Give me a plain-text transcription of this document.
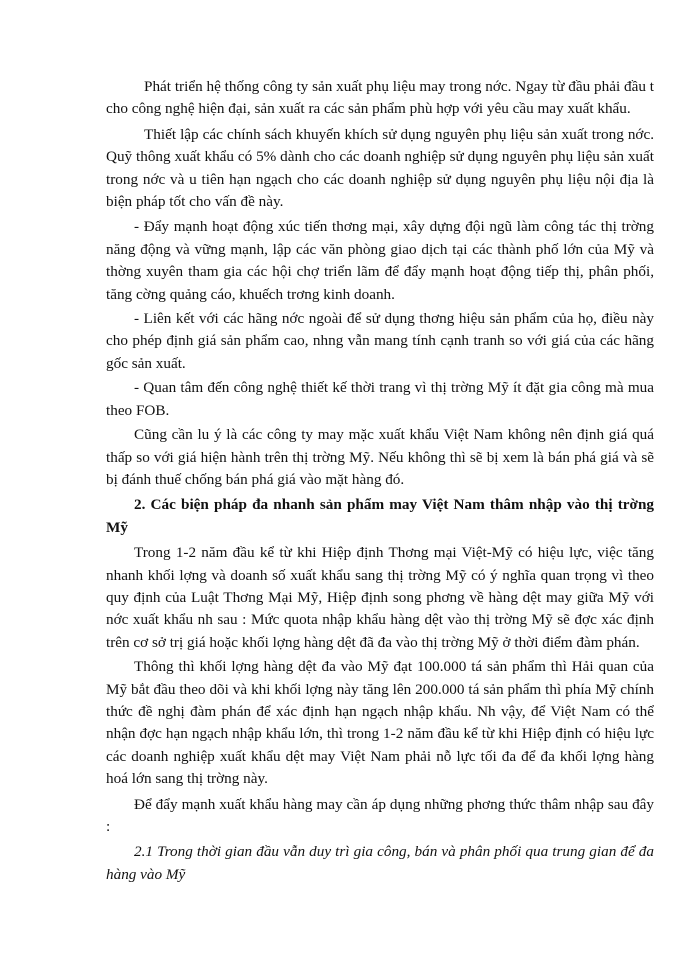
Phát triển hệ thống công ty sản xuất phụ liệu may trong nớc. Ngay từ đầu phải đầu t cho công nghệ hiện đại, sản xuất ra các sản phẩm phù hợp với yêu cầu may xuất khẩu.

Thiết lập các chính sách khuyến khích sử dụng nguyên phụ liệu sản xuất trong nớc. Quỹ thông xuất khẩu có 5% dành cho các doanh nghiệp sử dụng nguyên phụ liệu sản xuất trong nớc và u tiên hạn ngạch cho các doanh nghiệp sử dụng nguyên phụ liệu nội địa là biện pháp tốt cho vấn đề này.

- Đẩy mạnh hoạt động xúc tiến thơng mại, xây dựng đội ngũ làm công tác thị trờng năng động và vững mạnh, lập các văn phòng giao dịch tại các thành phố lớn của Mỹ và thờng xuyên tham gia các hội chợ triển lãm để đẩy mạnh hoạt động tiếp thị, phân phối, tăng cờng quảng cáo, khuếch trơng kinh doanh.

- Liên kết với các hãng nớc ngoài để sử dụng thơng hiệu sản phẩm của họ, điều này cho phép định giá sản phẩm cao, nhng vẫn mang tính cạnh tranh so với giá của các hãng gốc sản xuất.

- Quan tâm đến công nghệ thiết kế thời trang vì thị trờng Mỹ ít đặt gia công mà mua theo FOB.

Cũng cần lu ý là các công ty may mặc xuất khẩu Việt Nam không nên định giá quá thấp so với giá hiện hành trên thị trờng Mỹ. Nếu không thì sẽ bị xem là bán phá giá và sẽ bị đánh thuế chống bán phá giá vào mặt hàng đó.

2. Các biện pháp đa nhanh sản phẩm may Việt Nam thâm nhập vào thị trờng Mỹ

Trong 1-2 năm đầu kể từ khi Hiệp định Thơng mại Việt-Mỹ có hiệu lực, việc tăng nhanh khối lợng và doanh số xuất khẩu sang thị trờng Mỹ có ý nghĩa quan trọng vì theo quy định của Luật Thơng Mại Mỹ, Hiệp định song phơng về hàng dệt may giữa Mỹ với nớc xuất khẩu nh sau : Mức quota nhập khẩu hàng dệt vào thị trờng Mỹ sẽ đợc xác định trên cơ sở trị giá hoặc khối lợng hàng dệt đã đa vào thị trờng Mỹ ở thời điểm đàm phán.

Thông thì khối lợng hàng dệt đa vào Mỹ đạt 100.000 tá sản phẩm thì Hải quan của Mỹ bắt đầu theo dõi và khi khối lợng này tăng lên 200.000 tá sản phẩm thì phía Mỹ chính thức đề nghị đàm phán để xác định hạn ngạch nhập khẩu. Nh vậy, để Việt Nam có thể nhận đợc hạn ngạch nhập khẩu lớn, thì trong 1-2 năm đầu kể từ khi Hiệp định có hiệu lực các doanh nghiệp xuất khẩu dệt may Việt Nam phải nỗ lực tối đa để đa khối lợng hàng hoá lớn sang thị trờng này.

Để đẩy mạnh xuất khẩu hàng may cần áp dụng những phơng thức thâm nhập sau đây :

2.1 Trong thời gian đầu vẫn duy trì gia công, bán và phân phối qua trung gian để đa hàng vào Mỹ
